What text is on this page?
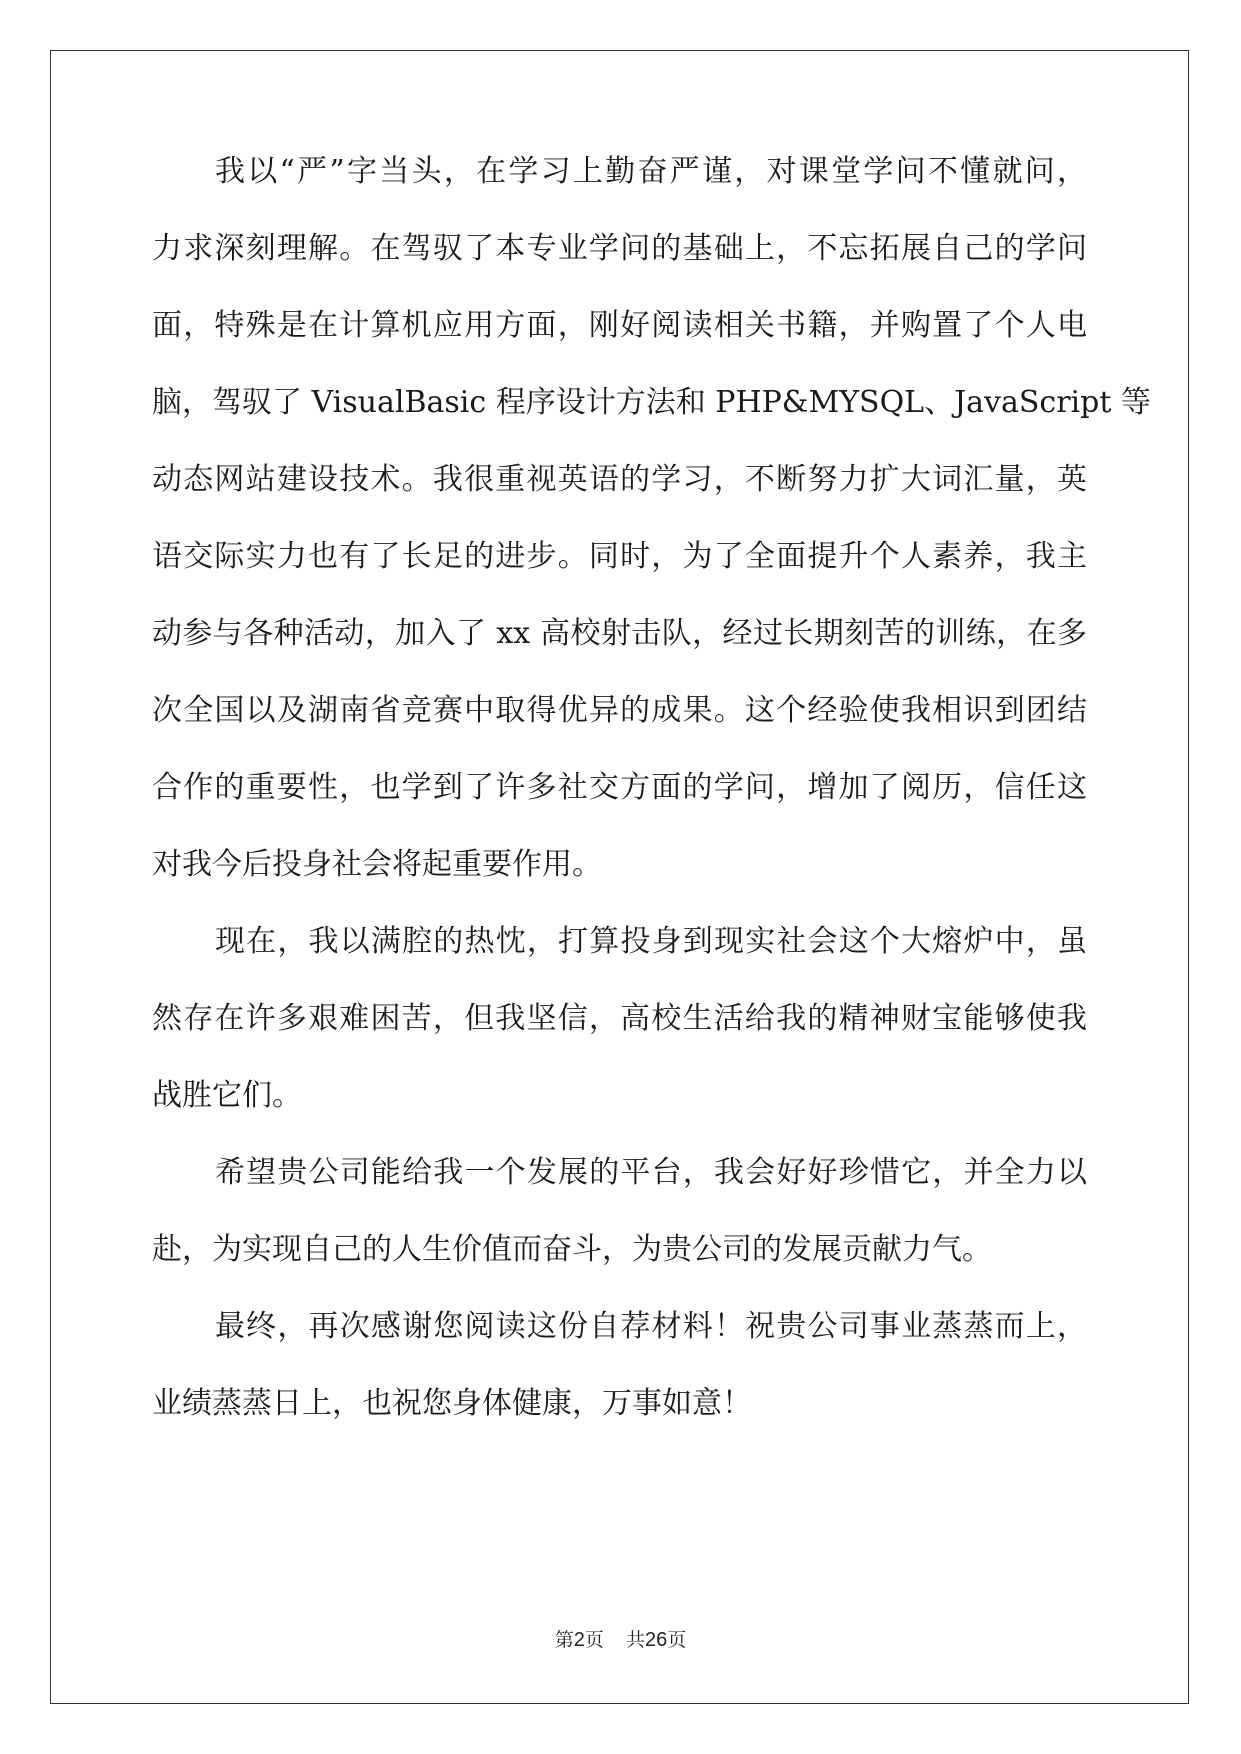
我以“严”字当头，在学习上勤奋严谨，对课堂学问不懂就问，
力求深刻理解。在驾驭了本专业学问的基础上，不忘拓展自己的学问
面，特殊是在计算机应用方面，刚好阅读相关书籍，并购置了个人电
脑，驾驭了 VisualBasic 程序设计方法和 PHP&MYSQL、JavaScript 等
动态网站建设技术。我很重视英语的学习，不断努力扩大词汇量，英
语交际实力也有了长足的进步。同时，为了全面提升个人素养，我主
动参与各种活动，加入了 xx 高校射击队，经过长期刻苦的训练，在多
次全国以及湖南省竞赛中取得优异的成果。这个经验使我相识到团结
合作的重要性，也学到了许多社交方面的学问，增加了阅历，信任这
对我今后投身社会将起重要作用。
现在，我以满腔的热忱，打算投身到现实社会这个大熔炉中，虽
然存在许多艰难困苦，但我坚信，高校生活给我的精神财宝能够使我
战胜它们。
希望贵公司能给我一个发展的平台，我会好好珍惜它，并全力以
赴，为实现自己的人生价值而奋斗，为贵公司的发展贡献力气。
最终，再次感谢您阅读这份自荐材料！祝贵公司事业蒸蒸而上，
业绩蒸蒸日上，也祝您身体健康，万事如意！
第2页 共26页
